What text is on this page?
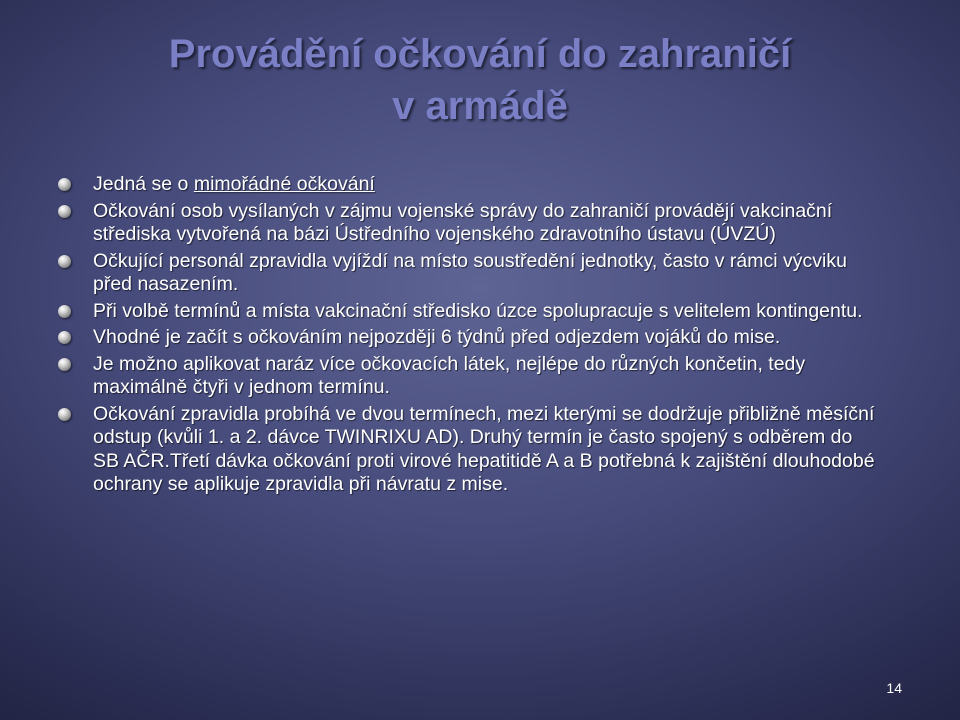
Provádění očkování do zahraničí
v armádě
Jedná se o mimořádné očkování
Očkování osob vysílaných v zájmu vojenské správy do zahraničí provádějí vakcinační střediska vytvořená na bázi Ústředního vojenského zdravotního ústavu (ÚVZÚ)
Očkující personál zpravidla vyjíždí na místo soustředění jednotky, často v rámci výcviku před nasazením.
Při volbě termínů a místa vakcinační středisko úzce spolupracuje s velitelem kontingentu.
Vhodné je začít s očkováním nejpozději 6 týdnů před odjezdem vojáků do mise.
Je možno aplikovat naráz více očkovacích látek, nejlépe do různých končetin, tedy maximálně čtyři v jednom termínu.
Očkování zpravidla probíhá ve dvou termínech, mezi kterými se dodržuje přibližně měsíční odstup (kvůli 1. a 2. dávce TWINRIXU AD). Druhý termín je často spojený s odběrem do SB AČR.Třetí dávka očkování proti virové hepatitidě A a B potřebná k zajištění dlouhodobé ochrany se aplikuje zpravidla při návratu z mise.
14
